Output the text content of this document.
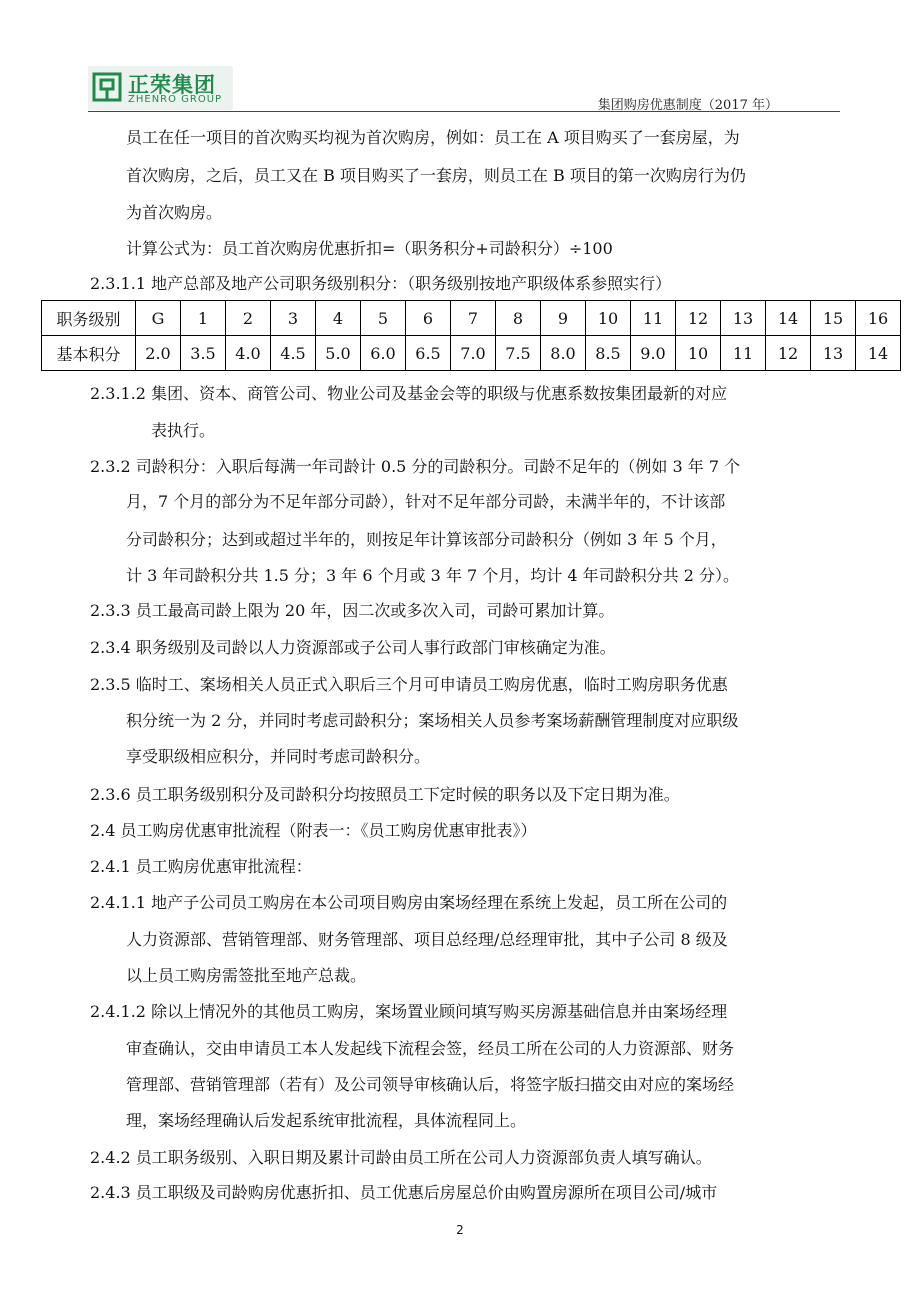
正荣集团
ZHENRO GROUP	集团购房优惠制度（2017 年）
员工在任一项目的首次购买均视为首次购房，例如：员工在 A 项目购买了一套房屋，为
首次购房，之后，员工又在 B 项目购买了一套房，则员工在 B 项目的第一次购房行为仍
为首次购房。
计算公式为：员工首次购房优惠折扣=（职务积分+司龄积分）÷100
2.3.1.1 地产总部及地产公司职务级别积分：（职务级别按地产职级体系参照实行）
职务级别	G	1	2	3	4	5	6	7	8	9	10	11	12	13	14	15	16
基本积分	2.0	3.5	4.0	4.5	5.0	6.0	6.5	7.0	7.5	8.0	8.5	9.0	10	11	12	13	14
2.3.1.2 集团、资本、商管公司、物业公司及基金会等的职级与优惠系数按集团最新的对应
表执行。
2.3.2 司龄积分：入职后每满一年司龄计 0.5 分的司龄积分。司龄不足年的（例如 3 年 7 个
月，7 个月的部分为不足年部分司龄），针对不足年部分司龄，未满半年的，不计该部
分司龄积分；达到或超过半年的，则按足年计算该部分司龄积分（例如 3 年 5 个月，
计 3 年司龄积分共 1.5 分；3 年 6 个月或 3 年 7 个月，均计 4 年司龄积分共 2 分）。
2.3.3 员工最高司龄上限为 20 年，因二次或多次入司，司龄可累加计算。
2.3.4 职务级别及司龄以人力资源部或子公司人事行政部门审核确定为准。
2.3.5 临时工、案场相关人员正式入职后三个月可申请员工购房优惠，临时工购房职务优惠
积分统一为 2 分，并同时考虑司龄积分；案场相关人员参考案场薪酬管理制度对应职级
享受职级相应积分，并同时考虑司龄积分。
2.3.6 员工职务级别积分及司龄积分均按照员工下定时候的职务以及下定日期为准。
2.4 员工购房优惠审批流程（附表一：《员工购房优惠审批表》）
2.4.1 员工购房优惠审批流程：
2.4.1.1 地产子公司员工购房在本公司项目购房由案场经理在系统上发起，员工所在公司的
人力资源部、营销管理部、财务管理部、项目总经理/总经理审批，其中子公司 8 级及
以上员工购房需签批至地产总裁。
2.4.1.2 除以上情况外的其他员工购房，案场置业顾问填写购买房源基础信息并由案场经理
审查确认，交由申请员工本人发起线下流程会签，经员工所在公司的人力资源部、财务
管理部、营销管理部（若有）及公司领导审核确认后，将签字版扫描交由对应的案场经
理，案场经理确认后发起系统审批流程，具体流程同上。
2.4.2 员工职务级别、入职日期及累计司龄由员工所在公司人力资源部负责人填写确认。
2.4.3 员工职级及司龄购房优惠折扣、员工优惠后房屋总价由购置房源所在项目公司/城市
2
